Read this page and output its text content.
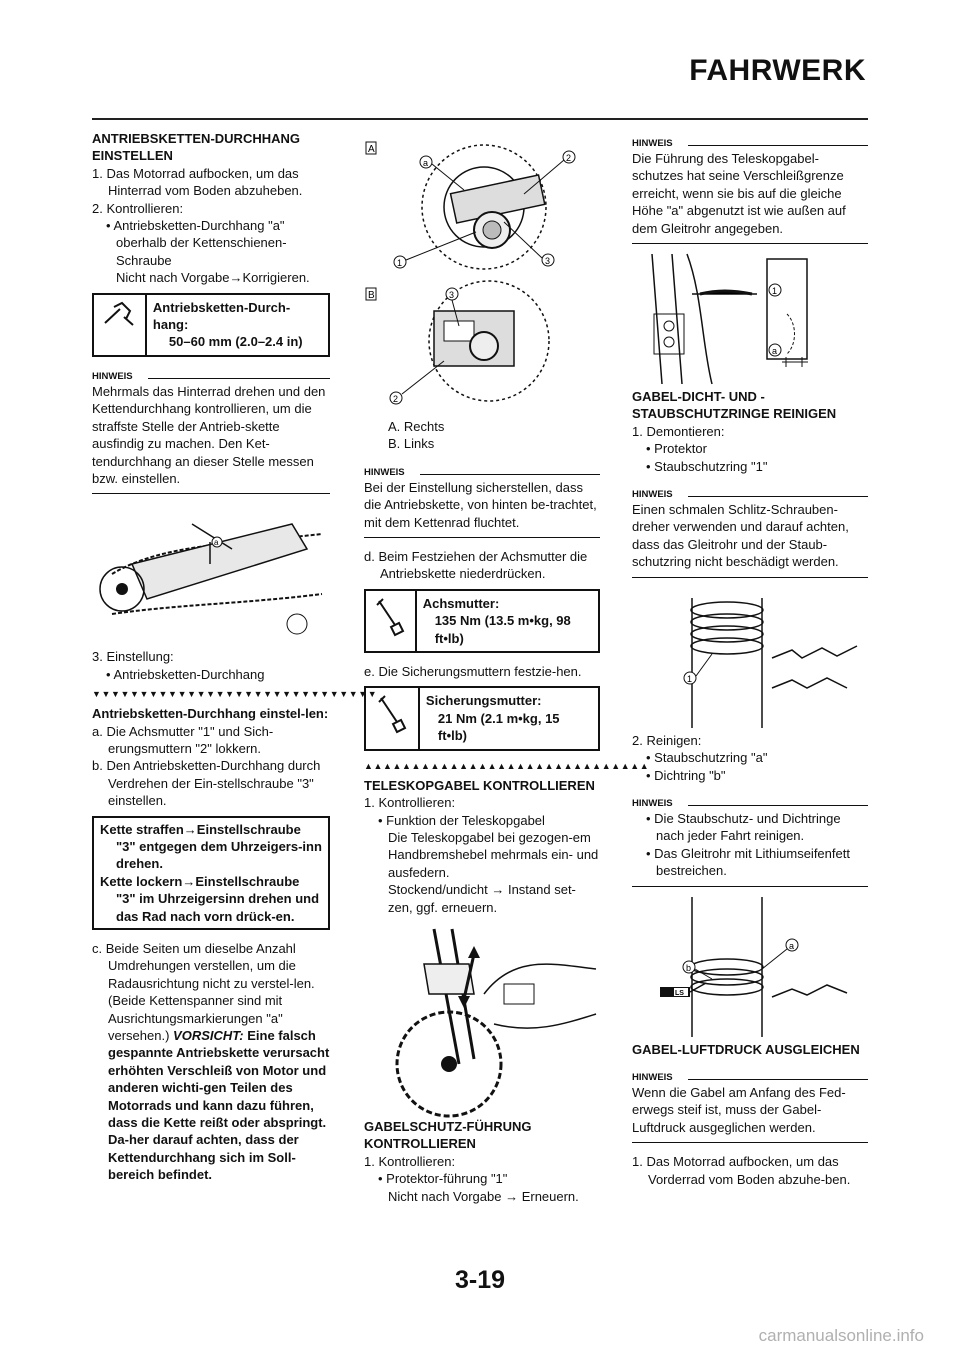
FAHRWERK
ANTRIEBSKETTEN-DURCHHANG EINSTELLEN
1. Das Motorrad aufbocken, um das Hinterrad vom Boden abzuheben.
2. Kontrollieren:
• Antriebsketten-Durchhang "a" oberhalb der Kettenschienen-Schraube
Nicht nach Vorgabe→Korrigieren.
Antriebsketten-Durch-hang:
50–60 mm (2.0–2.4 in)
HINWEIS
Mehrmals das Hinterrad drehen und den Kettendurchhang kontrollieren, um die straffste Stelle der Antrieb-skette ausfindig zu machen. Den Ket-tendurchhang an dieser Stelle messen bzw. einstellen.
a
3. Einstellung:
• Antriebsketten-Durchhang
▼▼▼▼▼▼▼▼▼▼▼▼▼▼▼▼▼▼▼▼▼▼▼▼▼▼▼▼▼▼
Antriebsketten-Durchhang einstel-len:
a. Die Achsmutter "1" und Sich-erungsmuttern "2" lokkern.
b. Den Antriebsketten-Durchhang durch Verdrehen der Ein-stellschraube "3" einstellen.
Kette straffen→Einstellschraube "3" entgegen dem Uhrzeigers-inn drehen.
Kette lockern→Einstellschraube "3" im Uhrzeigersinn drehen und das Rad nach vorn drück-en.
c. Beide Seiten um dieselbe Anzahl Umdrehungen verstellen, um die Radausrichtung nicht zu verstel-len. (Beide Kettenspanner sind mit Ausrichtungsmarkierungen "a" versehen.) VORSICHT: Eine falsch gespannte Antriebskette verursacht erhöhten Verschleiß von Motor und anderen wichti-gen Teilen des Motorrads und kann dazu führen, dass die Kette reißt oder abspringt. Da-her darauf achten, dass der Kettendurchhang sich im Soll-bereich befindet.
A
a	2
1	3
B	3
2
A. Rechts
B. Links
HINWEIS
Bei der Einstellung sicherstellen, dass die Antriebskette, von hinten be-trachtet, mit dem Kettenrad fluchtet.
d. Beim Festziehen der Achsmutter die Antriebskette niederdrücken.
Achsmutter:
135 Nm (13.5 m•kg, 98 ft•lb)
e. Die Sicherungsmuttern festzie-hen.
Sicherungsmutter:
21 Nm (2.1 m•kg, 15 ft•lb)
▲▲▲▲▲▲▲▲▲▲▲▲▲▲▲▲▲▲▲▲▲▲▲▲▲▲▲▲▲▲
TELESKOPGABEL KONTROLLIEREN
1. Kontrollieren:
• Funktion der Teleskopgabel
Die Teleskopgabel bei gezogen-em Handbremshebel mehrmals ein- und ausfedern.
Stockend/undicht → Instand set-zen, ggf. erneuern.
GABELSCHUTZ-FÜHRUNG KONTROLLIEREN
1. Kontrollieren:
• Protektor-führung "1"
Nicht nach Vorgabe → Erneuern.
HINWEIS
Die Führung des Teleskopgabel-schutzes hat seine Verschleißgrenze erreicht, wenn sie bis auf die gleiche Höhe "a" abgenutzt ist wie außen auf dem Gleitrohr angegeben.
1
a
GABEL-DICHT- UND -STAUBSCHUTZRINGE REINIGEN
1. Demontieren:
• Protektor
• Staubschutzring "1"
HINWEIS
Einen schmalen Schlitz-Schrauben-dreher verwenden und darauf achten, dass das Gleitrohr und der Staub-schutzring nicht beschädigt werden.
1
2. Reinigen:
• Staubschutzring "a"
• Dichtring "b"
HINWEIS
• Die Staubschutz- und Dichtringe nach jeder Fahrt reinigen.
• Das Gleitrohr mit Lithiumseifenfett bestreichen.
a
b
LS
GABEL-LUFTDRUCK AUSGLEICHEN
HINWEIS
Wenn die Gabel am Anfang des Fed-erwegs steif ist, muss der Gabel-Luftdruck ausgeglichen werden.
1. Das Motorrad aufbocken, um das Vorderrad vom Boden abzuhe-ben.
3-19
carmanualsonline.info
